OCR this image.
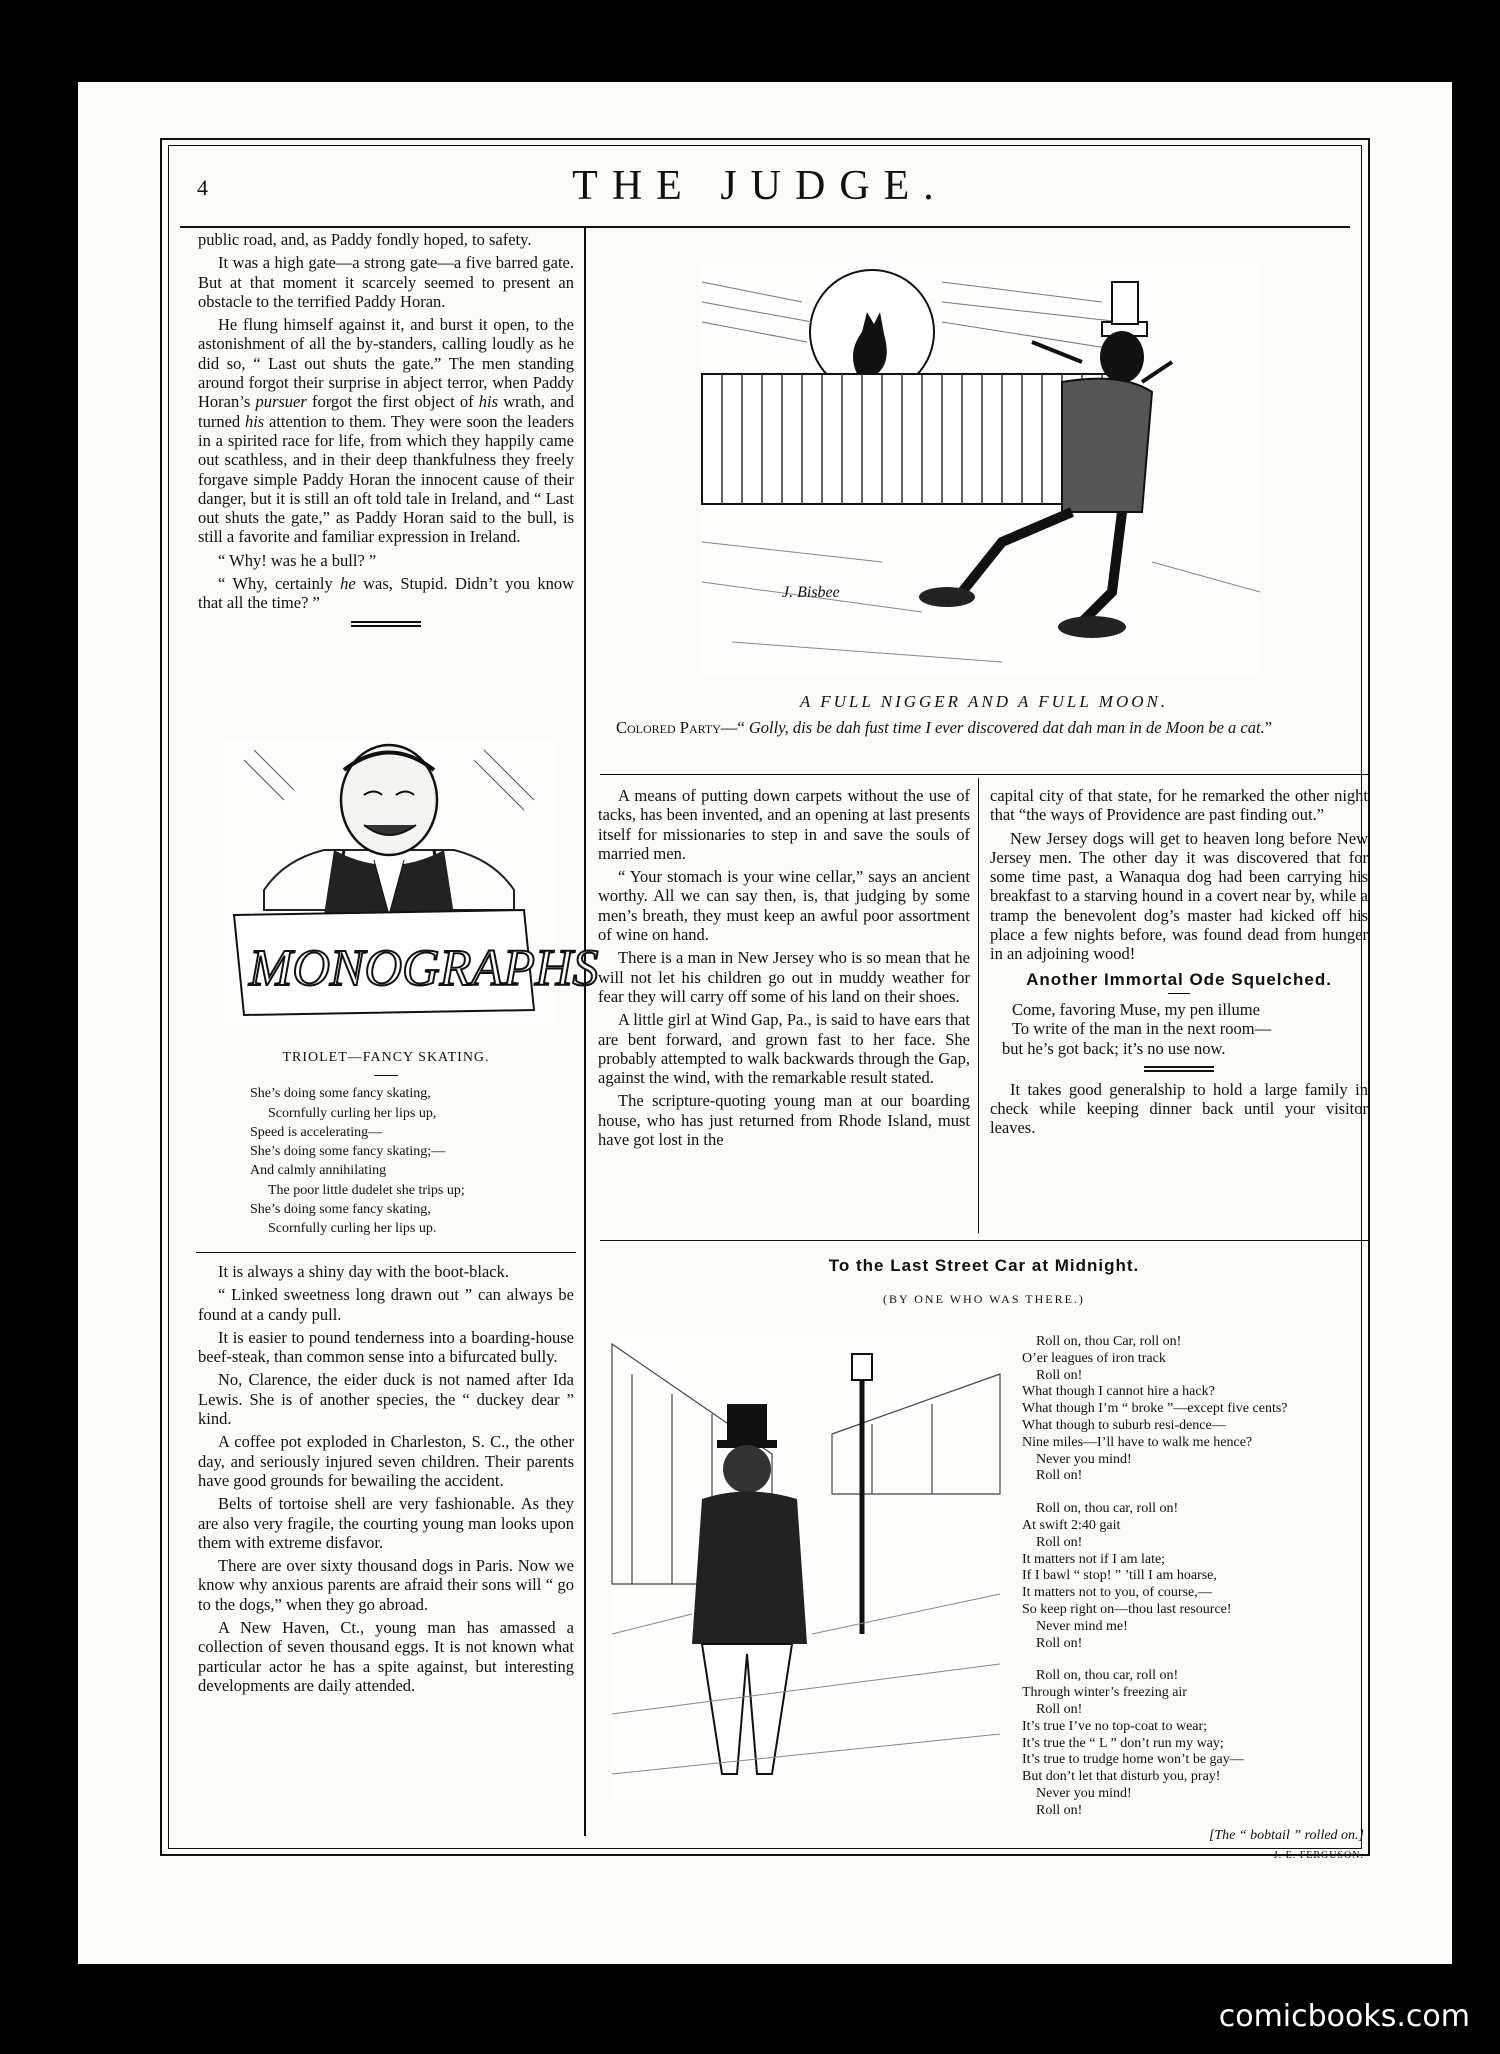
4	THE JUDGE.

public road, and, as Paddy fondly hoped, to safety.

It was a high gate—a strong gate—a five barred gate. But at that moment it scarcely seemed to present an obstacle to the terrified Paddy Horan.

He flung himself against it, and burst it open, to the astonishment of all the by-standers, calling loudly as he did so, “ Last out shuts the gate.” The men standing around forgot their surprise in abject terror, when Paddy Horan’s pursuer forgot the first object of his wrath, and turned his attention to them. They were soon the leaders in a spirited race for life, from which they happily came out scathless, and in their deep thankfulness they freely forgave simple Paddy Horan the innocent cause of their danger, but it is still an oft told tale in Ireland, and “ Last out shuts the gate,” as Paddy Horan said to the bull, is still a favorite and familiar expression in Ireland.

“ Why! was he a bull? ”

“ Why, certainly he was, Stupid. Didn’t you know that all the time? ”

MONOGRAPHS
TRIOLET—FANCY SKATING.
She’s doing some fancy skating,
Scornfully curling her lips up,
Speed is accelerating—
She’s doing some fancy skating;—
And calmly annihilating
The poor little dudelet she trips up;
She’s doing some fancy skating,
Scornfully curling her lips up.

It is always a shiny day with the boot-black.

“ Linked sweetness long drawn out ” can always be found at a candy pull.

It is easier to pound tenderness into a boarding-house beef-steak, than common sense into a bifurcated bully.

No, Clarence, the eider duck is not named after Ida Lewis. She is of another species, the “ duckey dear ” kind.

A coffee pot exploded in Charleston, S. C., the other day, and seriously injured seven children. Their parents have good grounds for bewailing the accident.

Belts of tortoise shell are very fashionable. As they are also very fragile, the courting young man looks upon them with extreme disfavor.

There are over sixty thousand dogs in Paris. Now we know why anxious parents are afraid their sons will “ go to the dogs,” when they go abroad.

A New Haven, Ct., young man has amassed a collection of seven thousand eggs. It is not known what particular actor he has a spite against, but interesting developments are daily attended.

J. Bisbee
A FULL NIGGER AND A FULL MOON.

Colored Party—“ Golly, dis be dah fust time I ever discovered dat dah man in de Moon be a cat.”

A means of putting down carpets without the use of tacks, has been invented, and an opening at last presents itself for missionaries to step in and save the souls of married men.

“ Your stomach is your wine cellar,” says an ancient worthy. All we can say then, is, that judging by some men’s breath, they must keep an awful poor assortment of wine on hand.

There is a man in New Jersey who is so mean that he will not let his children go out in muddy weather for fear they will carry off some of his land on their shoes.

A little girl at Wind Gap, Pa., is said to have ears that are bent forward, and grown fast to her face. She probably attempted to walk backwards through the Gap, against the wind, with the remarkable result stated.

The scripture-quoting young man at our boarding house, who has just returned from Rhode Island, must have got lost in the

capital city of that state, for he remarked the other night that “the ways of Providence are past finding out.”

New Jersey dogs will get to heaven long before New Jersey men. The other day it was discovered that for some time past, a Wanaqua dog had been carrying his breakfast to a starving hound in a covert near by, while a tramp the benevolent dog’s master had kicked off his place a few nights before, was found dead from hunger in an adjoining wood!

Another Immortal Ode Squelched.
Come, favoring Muse, my pen illume
To write of the man in the next room—
but he’s got back; it’s no use now.

It takes good generalship to hold a large family in check while keeping dinner back until your visitor leaves.

To the Last Street Car at Midnight.
(BY ONE WHO WAS THERE.)
Roll on, thou Car, roll on!
O’er leagues of iron track
Roll on!
What though I cannot hire a hack?
What though I’m “ broke ”—except five cents?
What though to suburb resi-dence—
Nine miles—I’ll have to walk me hence?
Never you mind!
Roll on!
Roll on, thou car, roll on!
At swift 2:40 gait
Roll on!
It matters not if I am late;
If I bawl “ stop! ” ’till I am hoarse,
It matters not to you, of course,—
So keep right on—thou last resource!
Never mind me!
Roll on!
Roll on, thou car, roll on!
Through winter’s freezing air
Roll on!
It’s true I’ve no top-coat to wear;
It’s true the “ L ” don’t run my way;
It’s true to trudge home won’t be gay—
But don’t let that disturb you, pray!
Never you mind!
Roll on!
[The “ bobtail ” rolled on.]
J. E. FERGUSON.
comicbooks.com
